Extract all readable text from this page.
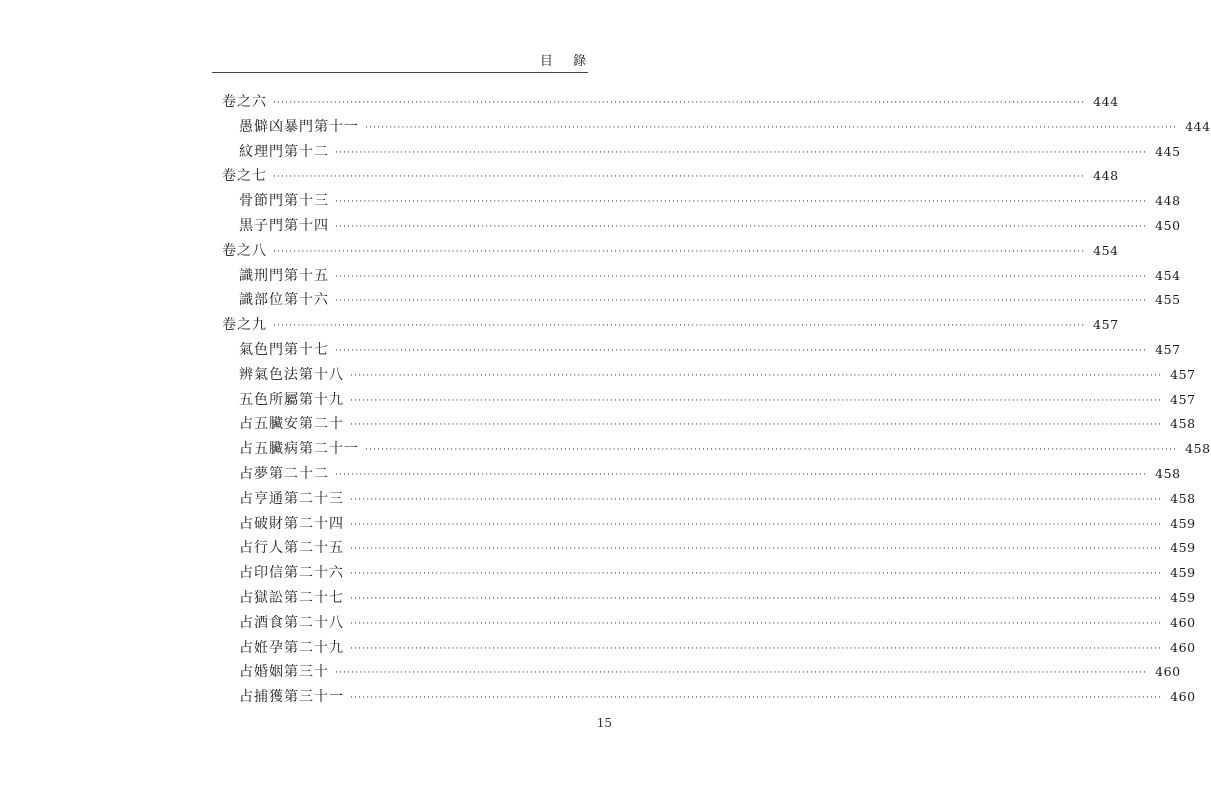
目 錄
卷之六 ········································································································································································································ 444
愚僻凶暴門第十一 ········································································································································································································ 444
紋理門第十二 ········································································································································································································ 445
卷之七 ········································································································································································································ 448
骨節門第十三 ········································································································································································································ 448
黒子門第十四 ········································································································································································································ 450
卷之八 ········································································································································································································ 454
識刑門第十五 ········································································································································································································ 454
識部位第十六 ········································································································································································································ 455
卷之九 ········································································································································································································ 457
氣色門第十七 ········································································································································································································ 457
辨氣色法第十八 ········································································································································································································ 457
五色所屬第十九 ········································································································································································································ 457
占五臟安第二十 ········································································································································································································ 458
占五臟病第二十一 ········································································································································································································ 458
占夢第二十二 ········································································································································································································ 458
占亨通第二十三 ········································································································································································································ 458
占破財第二十四 ········································································································································································································ 459
占行人第二十五 ········································································································································································································ 459
占印信第二十六 ········································································································································································································ 459
占獄訟第二十七 ········································································································································································································ 459
占酒食第二十八 ········································································································································································································ 460
占姙孕第二十九 ········································································································································································································ 460
占婚姻第三十 ········································································································································································································ 460
占捕獲第三十一 ········································································································································································································ 460
15
